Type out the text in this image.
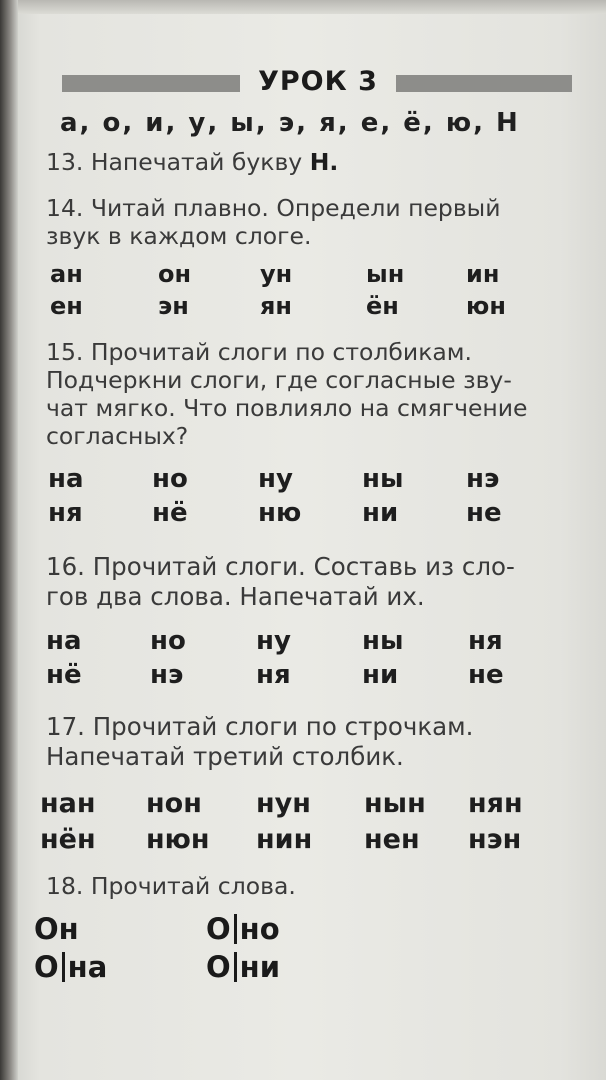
УРОК 3
а, о, и, у, ы, э, я, е, ё, ю, Н
13. Напечатай букву Н.
14. Читай плавно. Определи первый
звук в каждом слоге.
ан	он	ун	ын	ин
ен	эн	ян	ён	юн
15. Прочитай слоги по столбикам.
Подчеркни слоги, где согласные зву-
чат мягко. Что повлияло на смягчение
согласных?
на	но	ну	ны нэ
ня	нё	ню ни	не
16. Прочитай слоги. Составь из сло-
гов два слова. Напечатай их.
на	но	ну	ны ня
нё	нэ	ня	ни	не
17. Прочитай слоги по строчкам.
Напечатай третий столбик.
нан нон нун нын нян
нён нюн нин нен нэн
18. Прочитай слова.
Он	О но
О на	О ни
